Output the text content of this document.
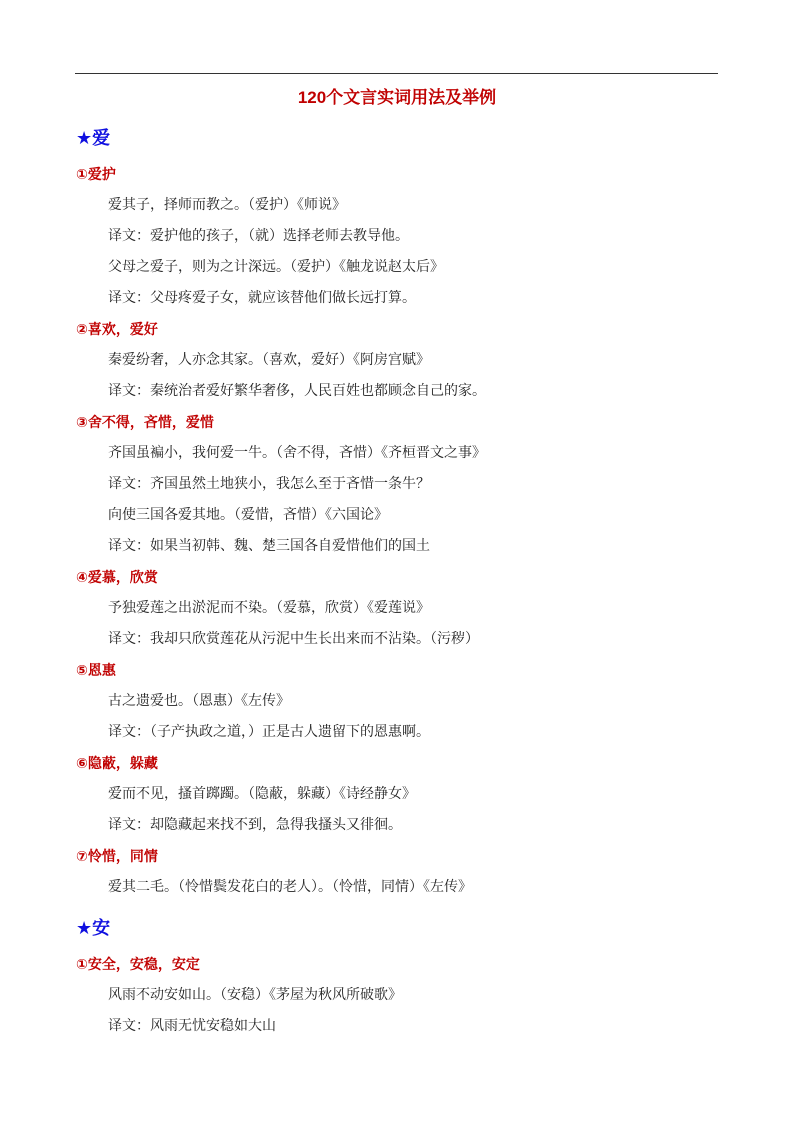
120个文言实词用法及举例
★爱
①爱护
爱其子，择师而教之。（爱护）《师说》
译文：爱护他的孩子，（就）选择老师去教导他。
父母之爱子，则为之计深远。（爱护）《触龙说赵太后》
译文：父母疼爱子女，就应该替他们做长远打算。
②喜欢，爱好
秦爱纷奢，人亦念其家。（喜欢，爱好）《阿房宫赋》
译文：秦统治者爱好繁华奢侈，人民百姓也都顾念自己的家。
③舍不得，吝惜，爱惜
齐国虽褊小，我何爱一牛。（舍不得，吝惜）《齐桓晋文之事》
译文：齐国虽然土地狭小，我怎么至于吝惜一条牛？
向使三国各爱其地。（爱惜，吝惜）《六国论》
译文：如果当初韩、魏、楚三国各自爱惜他们的国土
④爱慕，欣赏
予独爱莲之出淤泥而不染。（爱慕，欣赏）《爱莲说》
译文：我却只欣赏莲花从污泥中生长出来而不沾染。（污秽）
⑤恩惠
古之遗爱也。（恩惠）《左传》
译文：（子产执政之道，）正是古人遗留下的恩惠啊。
⑥隐蔽，躲藏
爱而不见，搔首踯躅。（隐蔽，躲藏）《诗经静女》
译文：却隐藏起来找不到，急得我搔头又徘徊。
⑦怜惜，同情
爱其二毛。（怜惜鬓发花白的老人）。（怜惜，同情）《左传》
★安
①安全，安稳，安定
风雨不动安如山。（安稳）《茅屋为秋风所破歌》
译文：风雨无忧安稳如大山
